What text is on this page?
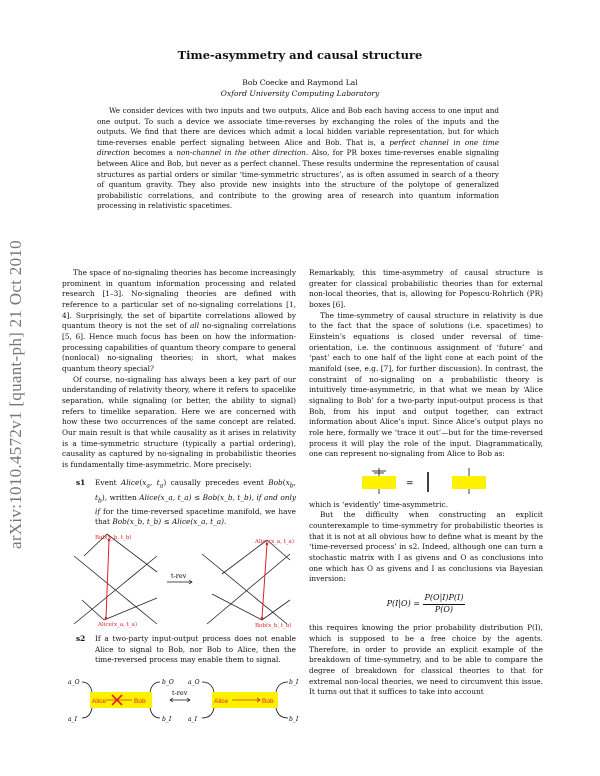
arXiv:1010.4572v1 [quant-ph] 21 Oct 2010
Time-asymmetry and causal structure
Bob Coecke and Raymond Lal
Oxford University Computing Laboratory
We consider devices with two inputs and two outputs, Alice and Bob each having access to one input and one output. To such a device we associate time-reverses by exchanging the roles of the inputs and the outputs. We find that there are devices which admit a local hidden variable representation, but for which time-reverses enable perfect signaling between Alice and Bob. That is, a perfect channel in one time direction becomes a non-channel in the other direction. Also, for PR boxes time-reverses enable signaling between Alice and Bob, but never as a perfect channel. These results undermine the representation of causal structures as partial orders or similar ‘time-symmetric structures’, as is often assumed in search of a theory of quantum gravity. They also provide new insights into the structure of the polytope of generalized probabilistic correlations, and contribute to the growing area of research into quantum information processing in relativistic spacetimes.

The space of no-signaling theories has become increasingly prominent in quantum information processing and related research [1–3]. No-signaling theories are defined with reference to a particular set of no-signaling correlations [1, 4]. Surprisingly, the set of bipartite correlations allowed by quantum theory is not the set of all no-signaling correlations [5, 6]. Hence much focus has been on how the information-processing capabilities of quantum theory compare to general (nonlocal) no-signaling theories; in short, what makes quantum theory special?

Of course, no-signaling has always been a key part of our understanding of relativity theory, where it refers to spacelike separation, while signaling (or better, the ability to signal) refers to timelike separation. Here we are concerned with how these two occurrences of the same concept are related. Our main result is that while causality as it arises in relativity is a time-symmetric structure (typically a partial ordering), causality as captured by no-signaling in probabilistic theories is fundamentally time-asymmetric. More precisely:

s1 Event $Alice(x_a$, $t_a$) causally precedes event $Bob(x_b$, $t_b$), written Alice(x_a, t_a) ≤ Bob(x_b, t_b), if and only if for the time-reversed spacetime manifold, we have that Bob(x_b, t_b) ≤ Alice(x_a, t_a).
Bob(x_b, t_b)
Alice(x_a, t_a)
t-rev
Alice(x_a, t_a)
Bob(x_b, t_b)
s2 If a two-party input-output process does not enable Alice to signal to Bob, nor Bob to Alice, then the time-reversed process may enable them to signal.
Alice	Bob
a_O
a_I
b_O
b_I
t-rev
Alice	Bob
a_O
a_I
b_I
b_I

Remarkably, this time-asymmetry of causal structure is greater for classical probabilistic theories than for external non-local theories, that is, allowing for Popescu-Rohrlich (PR) boxes [6].

The time-symmetry of causal structure in relativity is due to the fact that the space of solutions (i.e. spacetimes) to Einstein’s equations is closed under reversal of time-orientation, i.e. the continuous assignment of ‘future’ and ‘past’ each to one half of the light cone at each point of the manifold (see, e.g. [7], for further discussion). In contrast, the constraint of no-signaling on a probabilistic theory is intuitively time-asymmetric, in that what we mean by ‘Alice signaling to Bob’ for a two-party input-output process is that Bob, from his input and output together, can extract information about Alice’s input. Since Alice’s output plays no role here, formally we ‘trace it out’—but for the time-reversed process it will play the role of the input. Diagrammatically, one can represent no-signaling from Alice to Bob as:

=

which is ‘evidently’ time-asymmetric.

But the difficulty when constructing an explicit counterexample to time-symmetry for probabilistic theories is that it is not at all obvious how to define what is meant by the ‘time-reversed process’ in s2. Indeed, although one can turn a stochastic matrix with I as givens and O as conclusions into one which has O as givens and I as conclusions via Bayesian inversion:

$P(I|O) = \frac{P(O|I)P(I)}{P(O)}$

this requires knowing the prior probability distribution P(I), which is supposed to be a free choice by the agents. Therefore, in order to provide an explicit example of the breakdown of time-symmetry, and to be able to compare the degree of breakdown for classical theories to that for extremal non-local theories, we need to circumvent this issue. It turns out that it suffices to take into account
